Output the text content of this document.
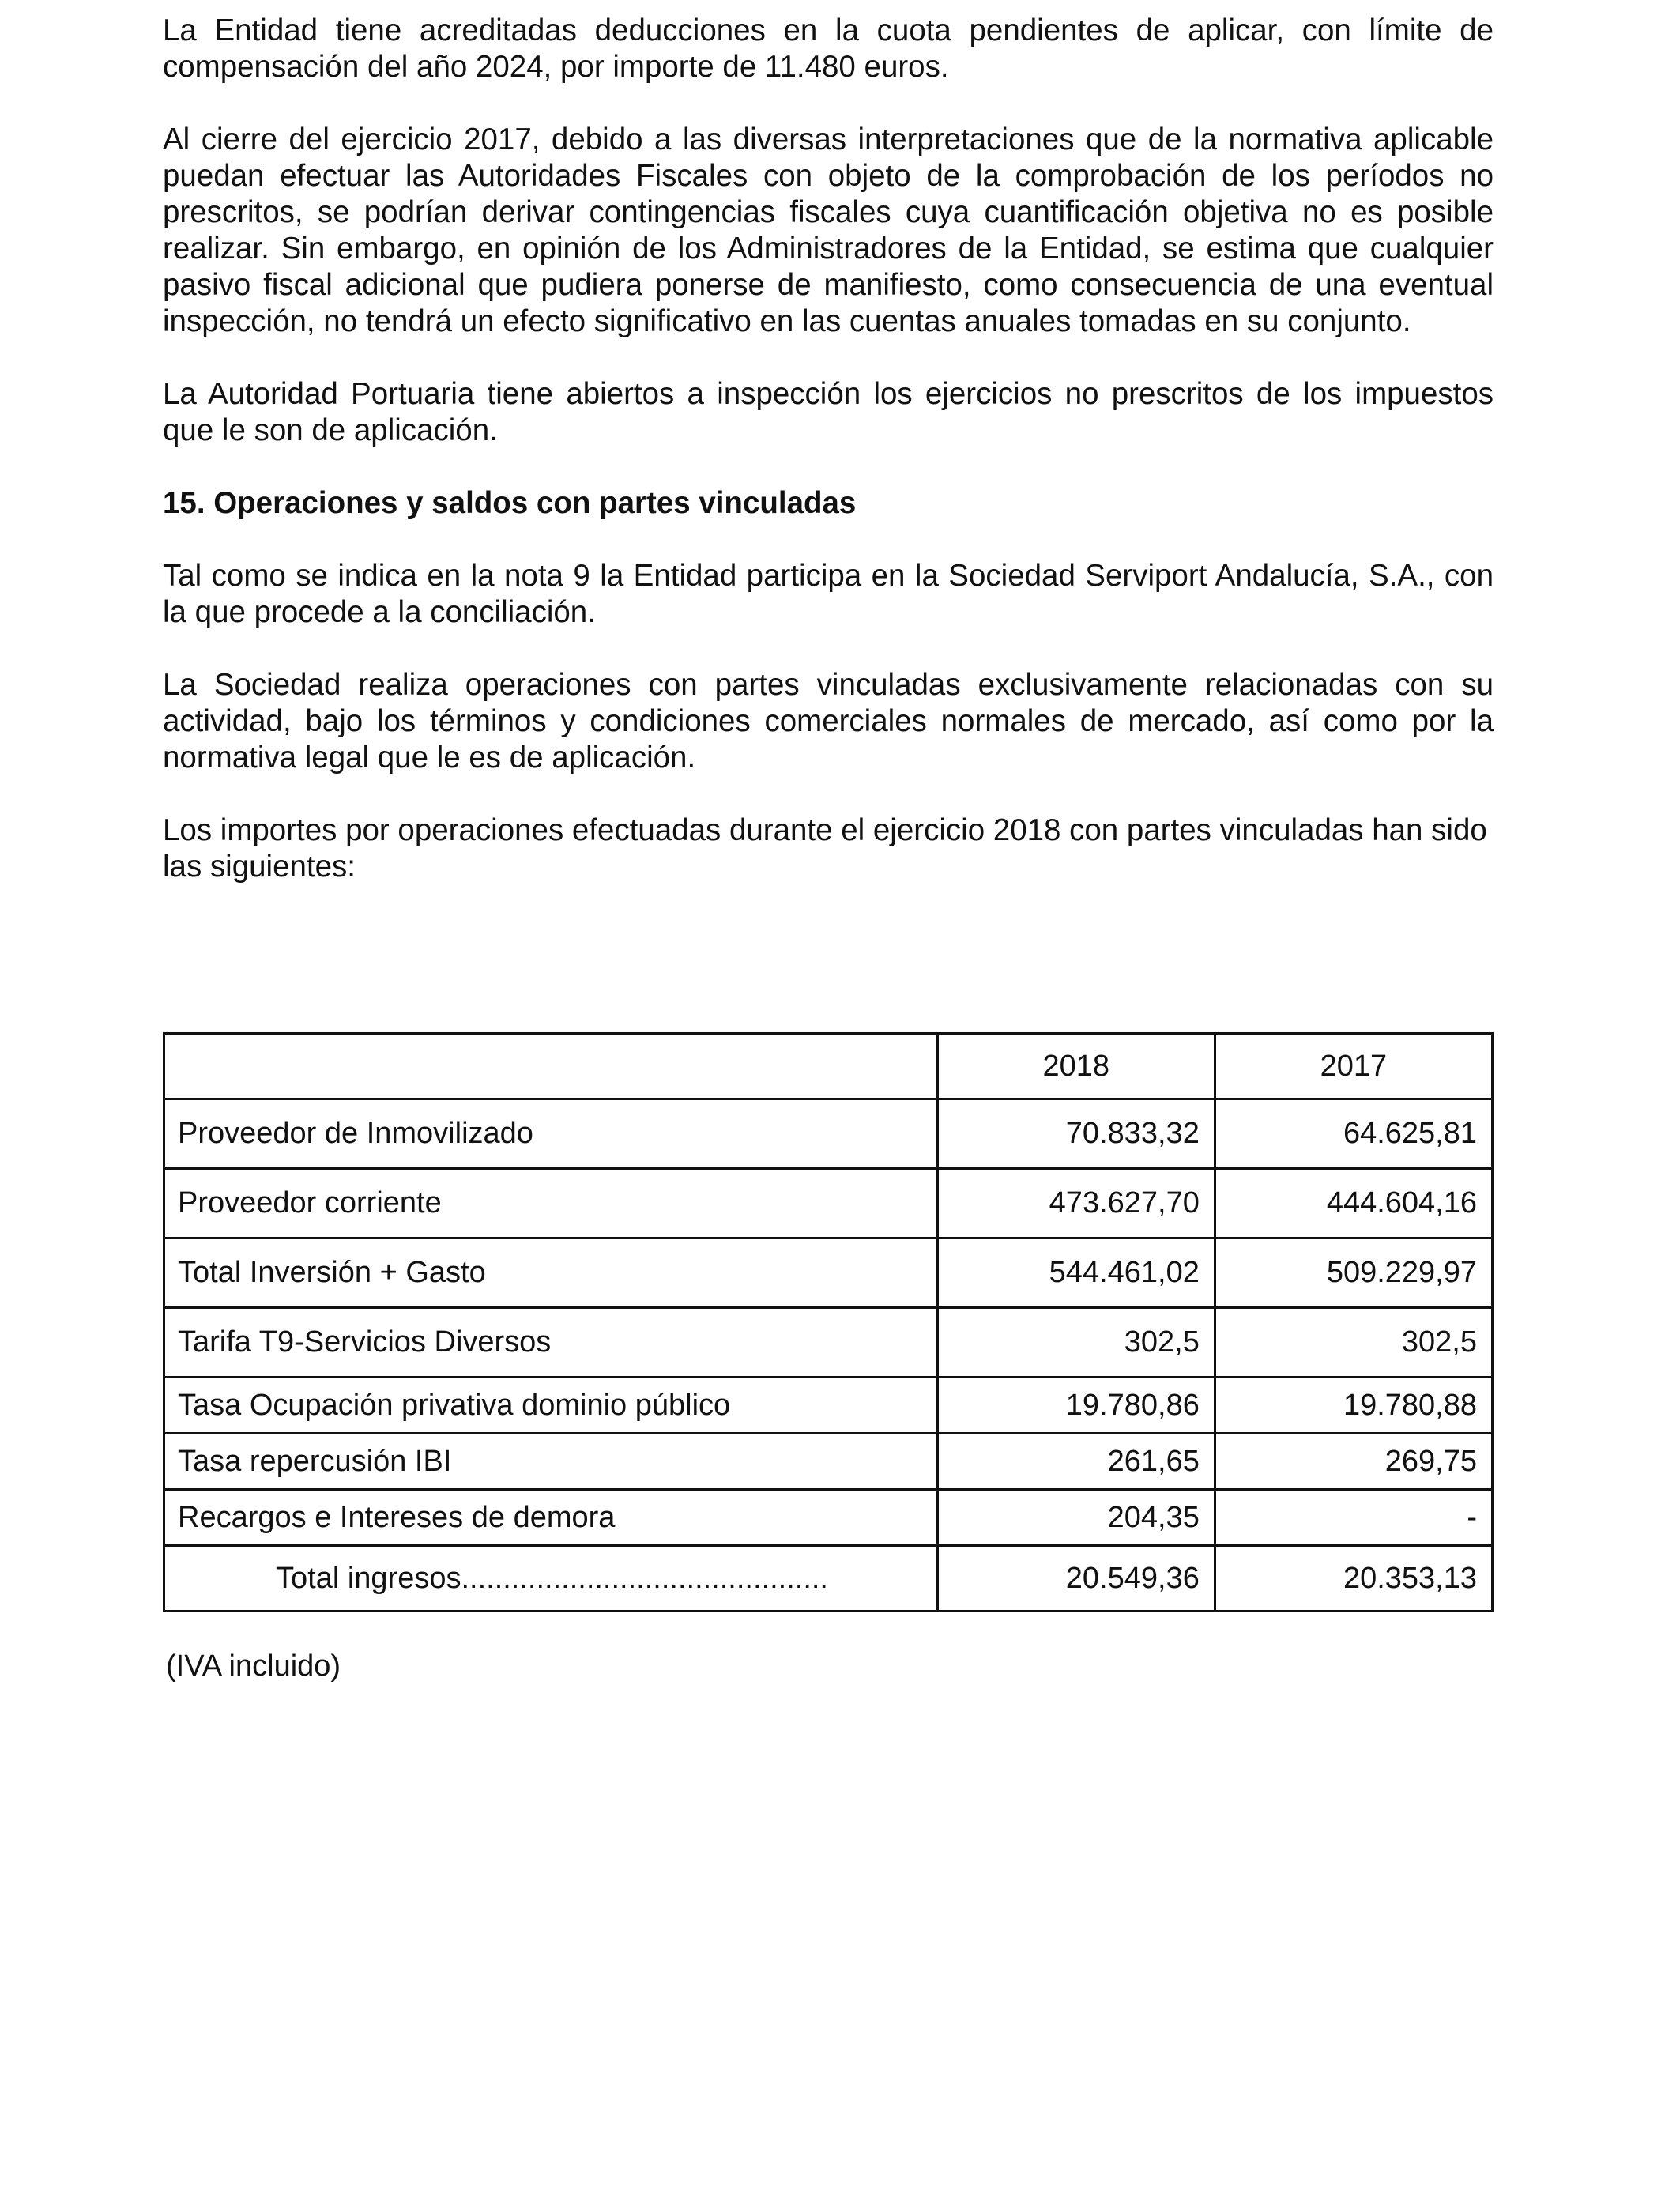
La Entidad tiene acreditadas deducciones en la cuota pendientes de aplicar, con límite de compensación del año 2024, por importe de 11.480 euros.

Al cierre del ejercicio 2017, debido a las diversas interpretaciones que de la normativa aplicable puedan efectuar las Autoridades Fiscales con objeto de la comprobación de los períodos no prescritos, se podrían derivar contingencias fiscales cuya cuantificación objetiva no es posible realizar. Sin embargo, en opinión de los Administradores de la Entidad, se estima que cualquier pasivo fiscal adicional que pudiera ponerse de manifiesto, como consecuencia de una eventual inspección, no tendrá un efecto significativo en las cuentas anuales tomadas en su conjunto.

La Autoridad Portuaria tiene abiertos a inspección los ejercicios no prescritos de los impuestos que le son de aplicación.

15. Operaciones y saldos con partes vinculadas

Tal como se indica en la nota 9 la Entidad participa en la Sociedad Serviport Andalucía, S.A., con la que procede a la conciliación.

La Sociedad realiza operaciones con partes vinculadas exclusivamente relacionadas con su actividad, bajo los términos y condiciones comerciales normales de mercado, así como por la normativa legal que le es de aplicación.

Los importes por operaciones efectuadas durante el ejercicio 2018 con partes vinculadas han sido las siguientes:

	2018	2017
Proveedor de Inmovilizado	70.833,32	64.625,81
Proveedor corriente	473.627,70	444.604,16
Total Inversión + Gasto	544.461,02	509.229,97
Tarifa T9-Servicios Diversos	302,5	302,5
Tasa Ocupación privativa dominio público	19.780,86	19.780,88
Tasa repercusión IBI	261,65	269,75
Recargos e Intereses de demora	204,35	-
Total ingresos............................................	20.549,36	20.353,13
(IVA incluido)
